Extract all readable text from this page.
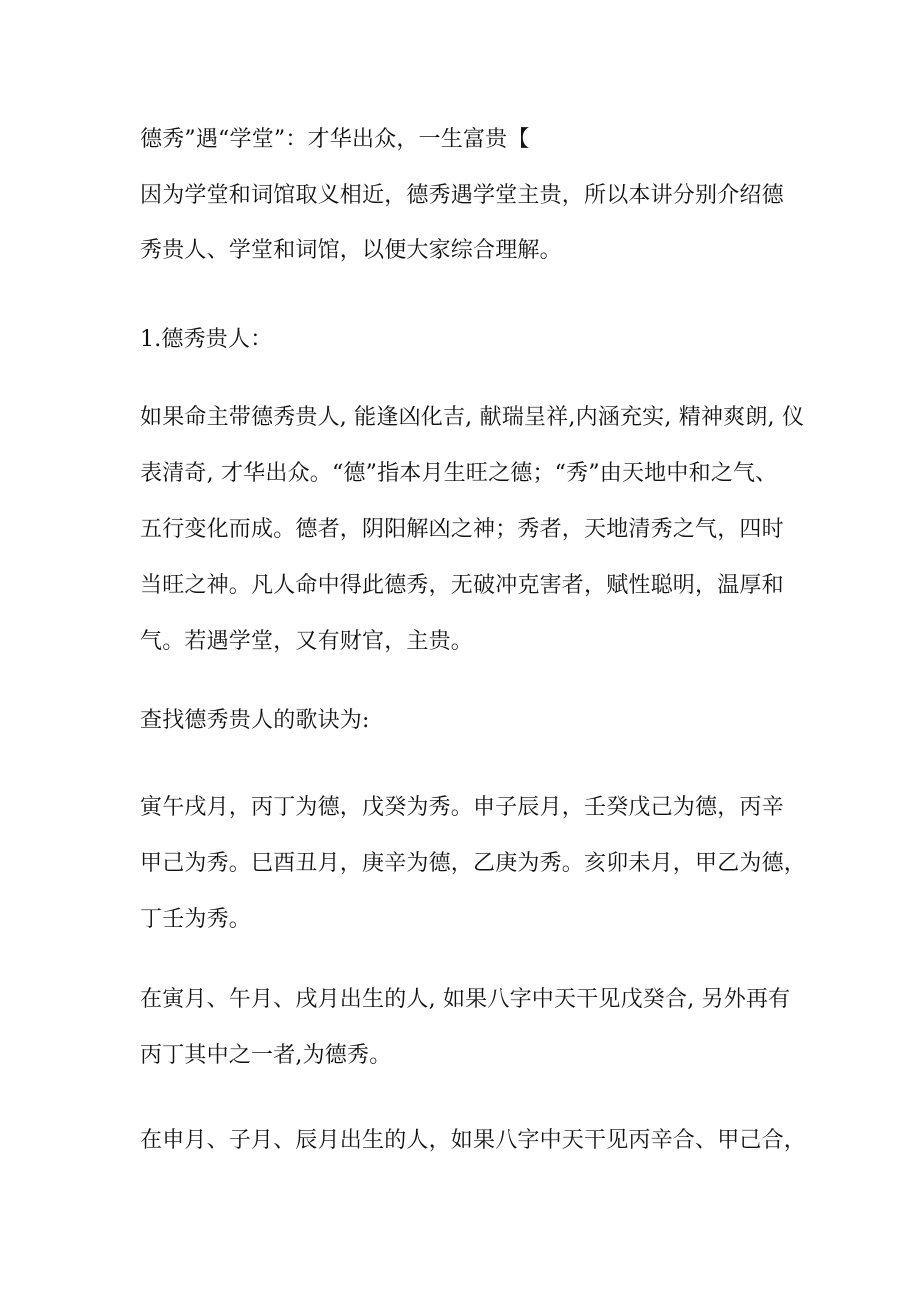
德秀”遇“学堂”：才华出众，一生富贵【

因为学堂和词馆取义相近，德秀遇学堂主贵，所以本讲分别介绍德

秀贵人、学堂和词馆，以便大家综合理解。

1.德秀贵人：

如果命主带德秀贵人, 能逢凶化吉, 献瑞呈祥,内涵充实, 精神爽朗, 仪

表清奇, 才华出众。“德”指本月生旺之德；“秀”由天地中和之气、

五行变化而成。德者，阴阳解凶之神；秀者，天地清秀之气，四时

当旺之神。凡人命中得此德秀，无破冲克害者，赋性聪明，温厚和

气。若遇学堂，又有财官，主贵。

查找德秀贵人的歌诀为:

寅午戌月，丙丁为德，戊癸为秀。申子辰月，壬癸戊己为德，丙辛

甲己为秀。巳酉丑月，庚辛为德，乙庚为秀。亥卯未月，甲乙为德，

丁壬为秀。

在寅月、午月、戌月出生的人, 如果八字中天干见戊癸合, 另外再有

丙丁其中之一者,为德秀。

在申月、子月、辰月出生的人，如果八字中天干见丙辛合、甲己合，
